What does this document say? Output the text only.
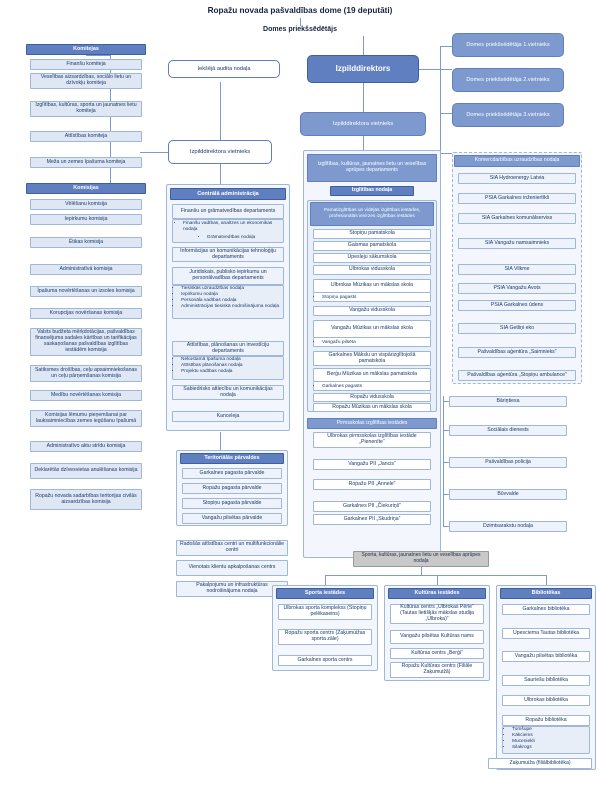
Ropažu novada pašvaldības dome (19 deputāti)
Domes priekšsēdētājs
Izpilddirektors
Iekšējā audita nodaļa
Izpilddirektora vietnieks
Izpilddirektora vietnieks
Domes priekšsēdētāja 1.vietnieks
Domes priekšsēdētāja 2.vietnieks
Domes priekšsēdētāja 3.vietnieks
Komitejas
Finanšu komiteja
Veselības aizsardzības, sociālo lietu un dzīvokļu komiteja
Izglītības, kultūras, sporta un jaunatnes lietu komiteja
Attīstības komiteja
Meža un zemes īpašuma komiteja
Komisijas
Vēlēšanu komisija
Iepirkumu komisija
Ētikas komisija
Administratīvā komisija
Īpašuma novērtēšanas un izsoles komisija
Korupcijas novēršanas komisija
Valsts budžeta mērķdotācijas, pašvaldības finansējuma sadales kārtības un tarifikācijas saskaņošanas pašvaldības izglītības iestādēm komisija
Satiksmes drošības, ceļu apsaimniekošanas un ceļu pārņemšanas komisija
Medību novērtēšanas komisija
Komisijas lēmumu pieņemšanai par lauksaimniecības zemes iegūšanu īpašumā
Administratīvo aktu strīdu komisija
Deklarētās dzīvesvietas anulēšanas komisija
Ropažu novada sadarbības teritorijas civilās aizsardzības komisija
Centrālā administrācija
Finanšu un grāmatvedības departaments
• Finanšu vadības, analīzes un ekonomikas nodaļa
• Grāmatvedības nodaļa
Informācijas un komunikācijas tehnoloģiju departaments
Juridiskais, publisko iepirkumu un personālvadības departaments
• Tiesiskās uzraudzības nodaļa
• Iepirkumu nodaļa
• Personāla vadības nodaļa
• Administrācijas tiesiskā nodrošinājuma nodaļa
Attīstības, plānošanas un investīciju departaments
• Nekustamā īpašuma nodaļa
• Attīstības plānošanas nodaļa
• Projektu vadības nodaļa
Sabiedrisko attiecību un komunikācijas nodaļa
Kanceleja
Teritoriālās pārvaldes
Garkalnes pagasta pārvalde
Ropažu pagasta pārvalde
Stopiņu pagasta pārvalde
Vangažu pilsētas pārvalde
Radošās attīstības centri un multifunkcionālie centri
Vienotais klientu apkalpošanas centrs
Pakalpojumu un infrastruktūras nodrošinājuma nodaļa
Izglītības, kultūras, jaunatnes lietu un veselības aprūpes departaments
Izglītības nodaļa
Pamatizglītības un vidējās izglītības iestādes, profesionālās ievirzes izglītības iestādes
Stopiņu pamatskola
Gaismas pamatskola
Upesleju sākumskola
Ulbrokas vidusskola
Ulbrokas Mūzikas un mākslas skola
• Stopiņu pagasts
Vangažu vidusskola
Vangažu Mūzikas un mākslas skola
• Vangažu pilsēta
Garkalnes Mākslu un vispārizglītojošā pamatskola
Berģu Mūzikas un mākslas pamatskola
• Garkalnes pagasts
Ropažu vidusskola
Ropažu Mūzikas un mākslas skola
Pirmsskolas izglītības iestādes
Ulbrokas pirmsskolas izglītības iestāde „Pienenīte”
Vangažu PII „Jancis”
Ropažu PII „Annele”
Garkalnes PII „Čiekuriņš”
Garkalnes PII „Skudriņa”
Sporta, kultūras, jaunatnes lietu un veselības aprūpes nodaļa
Komercdarbības uzraudzības nodaļa
SIA Hydroenergy Latvia
PSIA Garkalnes inženiertīkli
SIA Garkalnes komunālserviss
SIA Vangažu namsaimnieks
SIA Vilkme
PSIA Vangažu Avots
PSIA Garkalnes ūdens
SIA Getliņi eko
Pašvaldības aģentūra „Saimnieks”
Pašvaldības aģentūra „Stopiņu ambulance”
Bāriņtiesa
Sociālais dienests
Pašvaldības policija
Būvvalde
Dzimtsarakstu nodaļa
Sporta iestādes
Ulbrokas sporta komplekss (Stopiņu pelēkaseins)
Ropažu sporta centrs (Zaķumuižas sporta zāle)
Garkalnes sporta centrs
Kultūras iestādes
Kultūras centrs „Ulbrokas Pērle” (Tautas lietišķās mākslas studija „Ulbroka)”
Vangažu pilsētas Kultūras nams
Kultūras centrs „Berģi”
Ropažu Kultūras centrs (Filiāle Zaķumuižā)
Bibliotēkas
Garkalnes bibliotēka
Upesciema Tautas bibliotēka
Vangažu pilsētas bibliotēka
Sauriešu bibliotēka
Ulbrokas bibliotēka
Ropažu bibliotēka
• Tumšupe
• Kākciems
• Muceniekli
• Silakrogs
Zaķumuiža (filiālbibliotēka)
